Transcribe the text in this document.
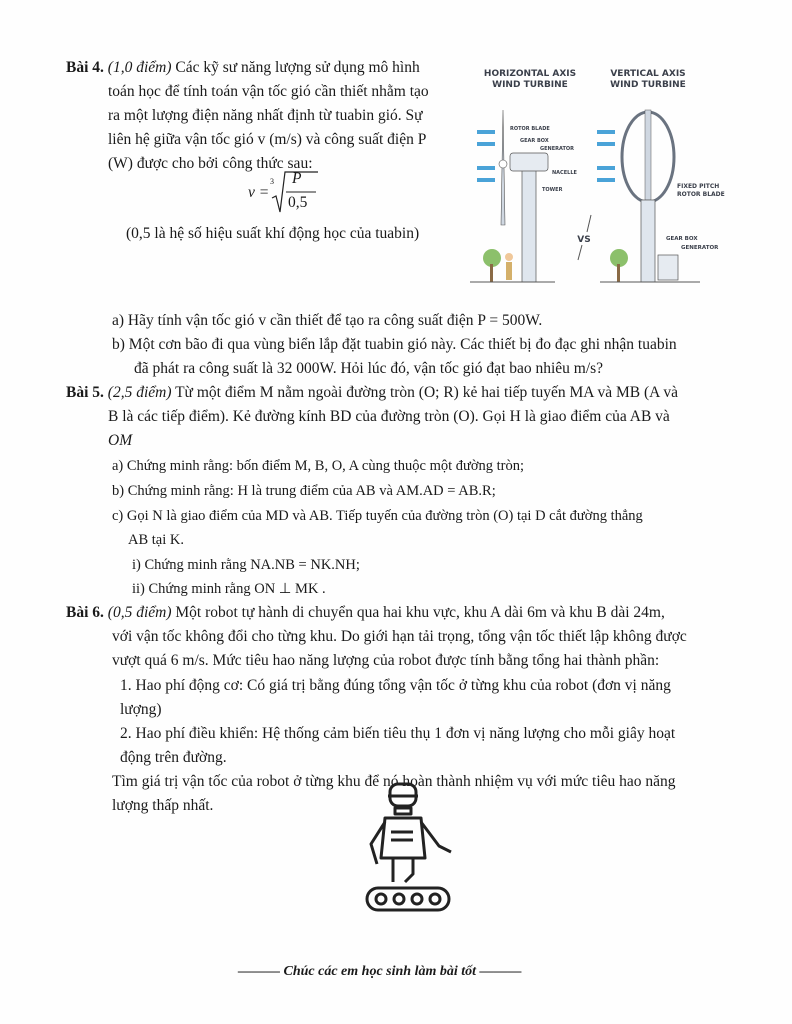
Bài 4. (1,0 điểm) Các kỹ sư năng lượng sử dụng mô hình
toán học để tính toán vận tốc gió cần thiết nhằm tạo
ra một lượng điện năng nhất định từ tuabin gió. Sự
liên hệ giữa vận tốc gió v (m/s) và công suất điện P
(W) được cho bởi công thức sau:
v =
3 P
0,5
(0,5 là hệ số hiệu suất khí động học của tuabin)
a) Hãy tính vận tốc gió v cần thiết để tạo ra công suất điện P = 500W.
b) Một cơn bão đi qua vùng biển lắp đặt tuabin gió này. Các thiết bị đo đạc ghi nhận tuabin
đã phát ra công suất là 32 000W. Hỏi lúc đó, vận tốc gió đạt bao nhiêu m/s?
HORIZONTAL AXIS
WIND TURBINE
ROTOR BLADE
GEAR BOX
GENERATOR
NACELLE
TOWER
VS
VERTICAL AXIS
WIND TURBINE
FIXED PITCH
ROTOR BLADE
GEAR BOX
GENERATOR
Bài 5. (2,5 điểm) Từ một điểm M nằm ngoài đường tròn (O; R) kẻ hai tiếp tuyến MA và MB (A và
B là các tiếp điểm). Kẻ đường kính BD của đường tròn (O). Gọi H là giao điểm của AB và
OM
a) Chứng minh rằng: bốn điểm M, B, O, A cùng thuộc một đường tròn;
b) Chứng minh rằng: H là trung điểm của AB và AM.AD = AB.R;
c) Gọi N là giao điểm của MD và AB. Tiếp tuyến của đường tròn (O) tại D cắt đường thẳng
AB tại K.
i) Chứng minh rằng NA.NB = NK.NH;
ii) Chứng minh rằng ON ⊥ MK .
Bài 6. (0,5 điểm) Một robot tự hành di chuyển qua hai khu vực, khu A dài 6m và khu B dài 24m,
với vận tốc không đổi cho từng khu. Do giới hạn tải trọng, tổng vận tốc thiết lập không được
vượt quá 6 m/s. Mức tiêu hao năng lượng của robot được tính bằng tổng hai thành phần:
1. Hao phí động cơ: Có giá trị bằng đúng tổng vận tốc ở từng khu của robot (đơn vị năng
lượng)
2. Hao phí điều khiển: Hệ thống cảm biến tiêu thụ 1 đơn vị năng lượng cho mỗi giây hoạt
động trên đường.
Tìm giá trị vận tốc của robot ở từng khu để nó hoàn thành nhiệm vụ với mức tiêu hao năng
lượng thấp nhất.
——— Chúc các em học sinh làm bài tốt ———
